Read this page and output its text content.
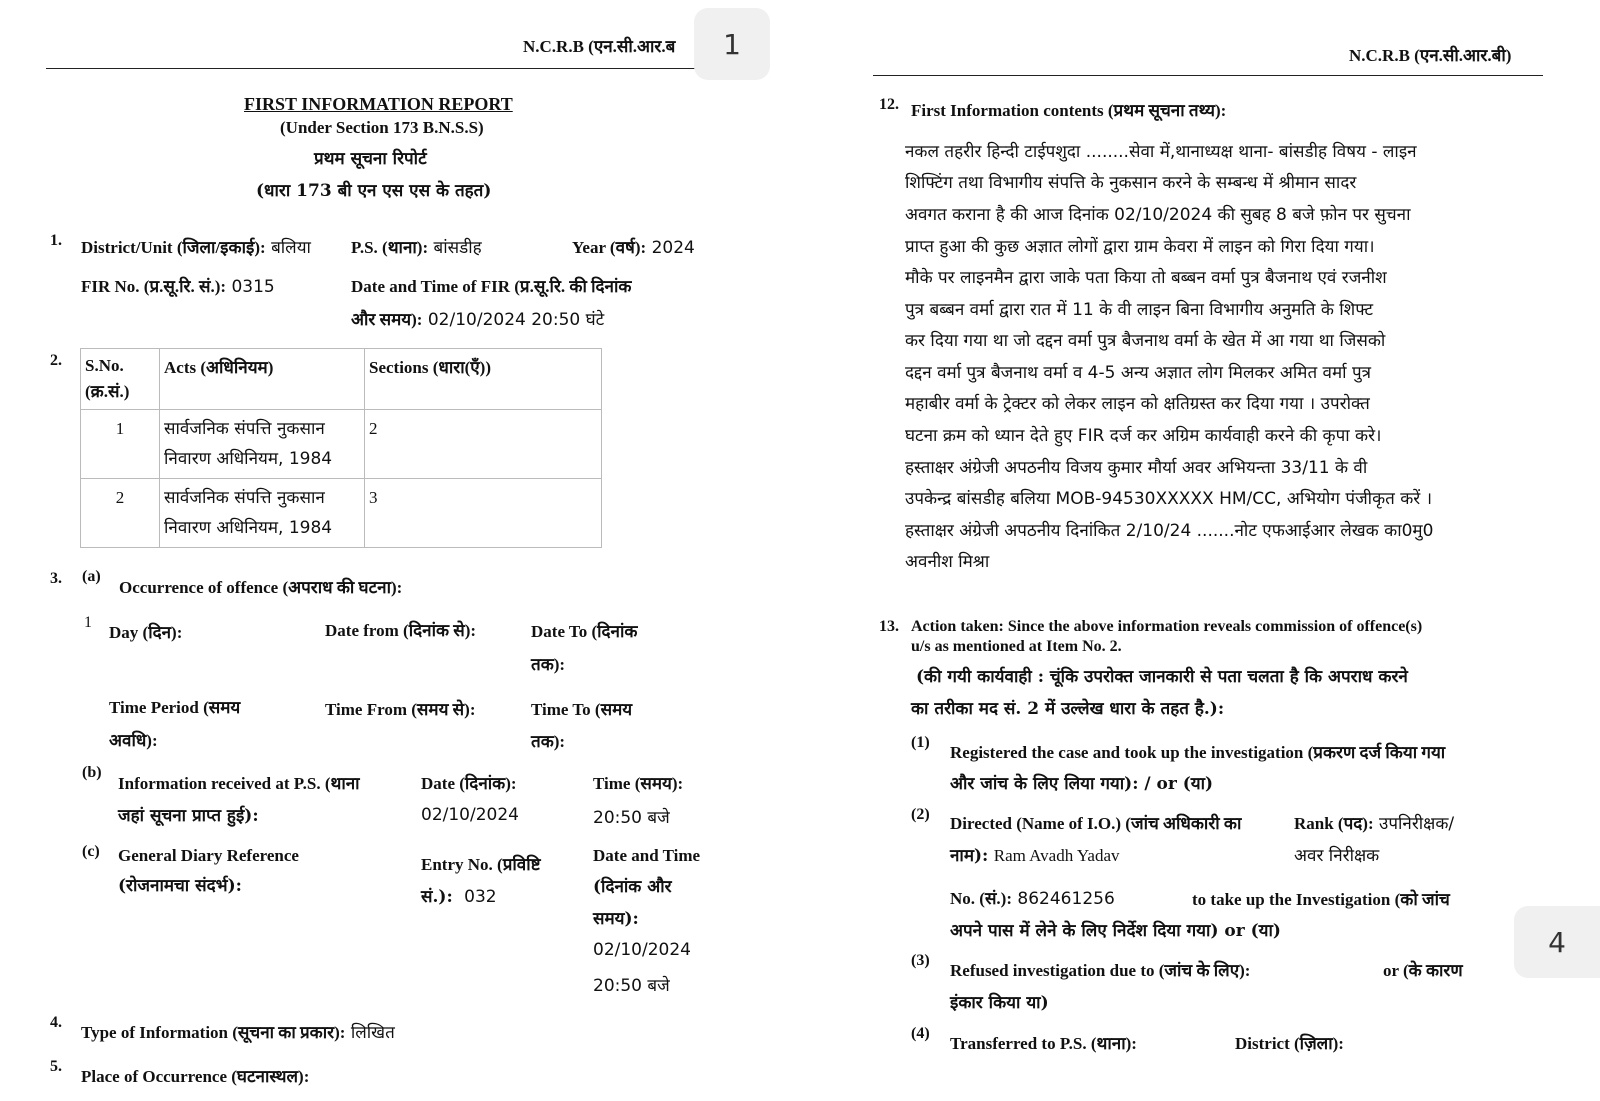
N.C.R.B (एन.सी.आर.ब	1
FIRST INFORMATION REPORT
(Under Section 173 B.N.S.S)
प्रथम सूचना रिपोर्ट
(धारा 173 बी एन एस एस के तहत)
1. District/Unit (जिला/इकाई): बलिया P.S. (थाना): बांसडीह	Year (वर्ष): 2024
FIR No. (प्र.सू.रि. सं.): 0315	Date and Time of FIR (प्र.सू.रि. की दिनांक
और समय): 02/10/2024 20:50 घंटे
2. S.No.
(क्र.सं.)	Acts (अधिनियम)	Sections (धारा(एँ))
1	सार्वजनिक संपत्ति नुकसान
निवारण अधिनियम, 1984	2
2	सार्वजनिक संपत्ति नुकसान
निवारण अधिनियम, 1984	3
3. (a)
Occurrence of offence (अपराध की घटना):
1
Day (दिन):	Date from (दिनांक से):	Date To (दिनांक
तक):
Time Period (समय
अवधि):
Time From (समय से):	Time To (समय
तक):
(b)
Information received at P.S. (थाना
जहां सूचना प्राप्त हुई):
Date (दिनांक):
02/10/2024
Time (समय):
20:50 बजे
(c) General Diary Reference
(रोजनामचा संदर्भ):
Entry No. (प्रविष्टि
सं.): 032
Date and Time
(दिनांक और
समय):
02/10/2024
20:50 बजे
4.
Type of Information (सूचना का प्रकार): लिखित
5.
Place of Occurrence (घटनास्थल):
N.C.R.B (एन.सी.आर.बी)
12. First Information contents (प्रथम सूचना तथ्य):
नकल तहरीर हिन्दी टाईपशुदा ........सेवा में,थानाध्यक्ष थाना- बांसडीह विषय - लाइन
शिफ्टिंग तथा विभागीय संपत्ति के नुकसान करने के सम्बन्ध में श्रीमान सादर
अवगत कराना है की आज दिनांक 02/10/2024 की सुबह 8 बजे फ़ोन पर सुचना
प्राप्त हुआ की कुछ अज्ञात लोगों द्वारा ग्राम केवरा में लाइन को गिरा दिया गया।
मौके पर लाइनमैन द्वारा जाके पता किया तो बब्बन वर्मा पुत्र बैजनाथ एवं रजनीश
पुत्र बब्बन वर्मा द्वारा रात में 11 के वी लाइन बिना विभागीय अनुमति के शिफ्ट
कर दिया गया था जो दद्दन वर्मा पुत्र बैजनाथ वर्मा के खेत में आ गया था जिसको
दद्दन वर्मा पुत्र बैजनाथ वर्मा व 4-5 अन्य अज्ञात लोग मिलकर अमित वर्मा पुत्र
महाबीर वर्मा के ट्रेक्टर को लेकर लाइन को क्षतिग्रस्त कर दिया गया । उपरोक्त
घटना क्रम को ध्यान देते हुए FIR दर्ज कर अग्रिम कार्यवाही करने की कृपा करे।
हस्ताक्षर अंग्रेजी अपठनीय विजय कुमार मौर्या अवर अभियन्ता 33/11 के वी
उपकेन्द्र बांसडीह बलिया MOB-94530XXXXX HM/CC, अभियोग पंजीकृत करें ।
हस्ताक्षर अंग्रेजी अपठनीय दिनांकित 2/10/24 .......नोट एफआईआर लेखक का0मु0
अवनीश मिश्रा
13. Action taken: Since the above information reveals commission of offence(s)
u/s as mentioned at Item No. 2.
(की गयी कार्यवाही : चूंकि उपरोक्त जानकारी से पता चलता है कि अपराध करने
का तरीका मद सं. 2 में उल्लेख धारा के तहत है.):
(1)
Registered the case and took up the investigation (प्रकरण दर्ज किया गया
और जांच के लिए लिया गया): / or (या)
(2) Directed (Name of I.O.) (जांच अधिकारी का
नाम): Ram Avadh Yadav
Rank (पद): उपनिरीक्षक/
अवर निरीक्षक
No. (सं.): 862461256	to take up the Investigation (को जांच
अपने पास में लेने के लिए निर्देश दिया गया) or (या)
(3)
Refused investigation due to (जांच के लिए):	or (के कारण
इंकार किया या)
(4)
Transferred to P.S. (थाना):	District (ज़िला):
4
